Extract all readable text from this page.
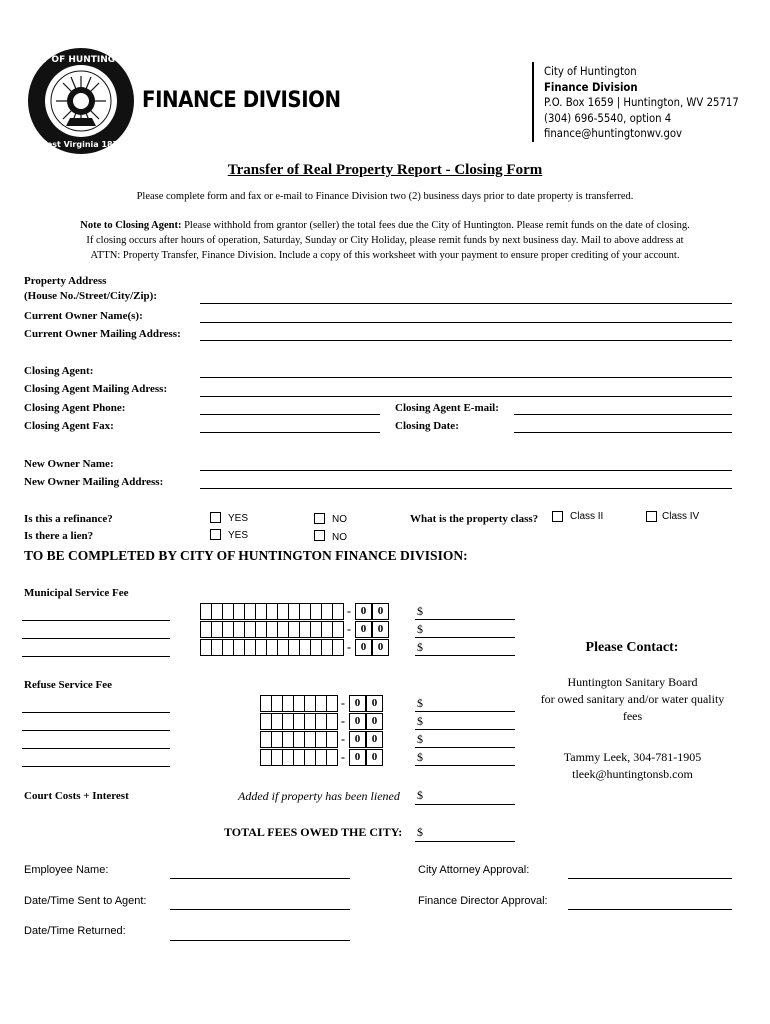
CITY OF HUNTINGTON
West Virginia 1871
FINANCE DIVISION
City of Huntington
Finance Division
P.O. Box 1659 | Huntington, WV 25717
(304) 696-5540, option 4
finance@huntingtonwv.gov
Transfer of Real Property Report - Closing Form
Please complete form and fax or e-mail to Finance Division two (2) business days prior to date property is transferred.
Note to Closing Agent: Please withhold from grantor (seller) the total fees due the City of Huntington. Please remit funds on the date of closing.
If closing occurs after hours of operation, Saturday, Sunday or City Holiday, please remit funds by next business day. Mail to above address at
ATTN: Property Transfer, Finance Division. Include a copy of this worksheet with your payment to ensure proper crediting of your account.
Property Address
(House No./Street/City/Zip):
Current Owner Name(s):
Current Owner Mailing Address:
Closing Agent:
Closing Agent Mailing Adress:
Closing Agent Phone:	Closing Agent E-mail:
Closing Agent Fax:	Closing Date:
New Owner Name:
New Owner Mailing Address:
Is this a refinance?	YES	NO	What is the property class?	Class II	Class IV
Is there a lien?	YES	NO
TO BE COMPLETED BY CITY OF HUNTINGTON FINANCE DIVISION:
Municipal Service Fee
Refuse Service Fee
- 0	0	$
- 0	0	$
- 0	0	$
- 0	0	$
- 0	0	$
- 0	0	$
- 0	0	$
Court Costs + Interest	Added if property has been liened $
TOTAL FEES OWED THE CITY: $
Please Contact:
Huntington Sanitary Board
for owed sanitary and/or water quality
fees
Tammy Leek, 304-781-1905
tleek@huntingtonsb.com
Employee Name:	City Attorney Approval:
Date/Time Sent to Agent:	Finance Director Approval:
Date/Time Returned:
